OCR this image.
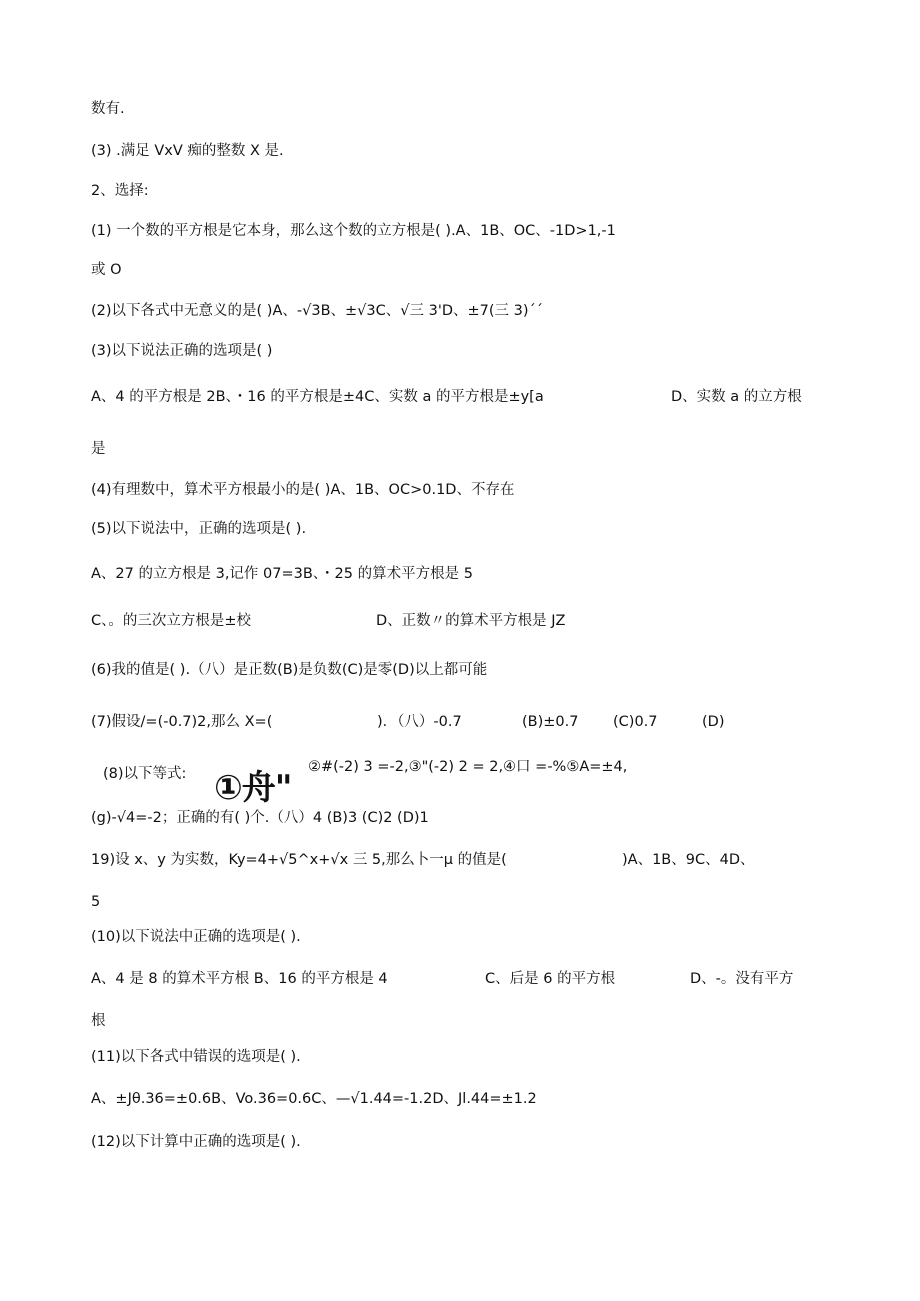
数有.
(3) .满足 VxV 痴的整数 X 是.
2、选择:
(1) 一个数的平方根是它本身，那么这个数的立方根是( ).A、1B、OC、-1D>1,-1
或 O
(2)以下各式中无意义的是( )A、-√3B、±√3C、√三 3'D、±7(三 3)´´
(3)以下说法正确的选项是( )
A、4 的平方根是 2B、・16 的平方根是±4C、实数 a 的平方根是±y[a	D、实数 a 的立方根
是
(4)有理数中，算术平方根最小的是( )A、1B、OC>0.1D、不存在
(5)以下说法中，正确的选项是( ).
A、27 的立方根是 3,记作 07=3B、・25 的算术平方根是 5
C、。的三次立方根是±校	D、正数〃的算术平方根是 JZ
(6)我的值是( ).（八）是正数(B)是负数(C)是零(D)以上都可能
(7)假设/=(-0.7)2,那么 X=(	)．（八）-0.7	(B)±0.7 (C)0.7	(D)
(8)以下等式: ①舟"
②#(-2) 3 =-2,③"(-2) 2 = 2,④口 =-%⑤A=±4,
(g)-√4=-2；正确的有( )个.（八）4 (B)3 (C)2 (D)1
19)设 x、y 为实数，Ky=4+√5^x+√x 三 5,那么卜一μ 的值是(	)A、1B、9C、4D、
5
(10)以下说法中正确的选项是( ).
A、4 是 8 的算术平方根 B、16 的平方根是 4	C、后是 6 的平方根	D、-。没有平方
根
(11)以下各式中错误的选项是( ).
A、±Jθ.36=±0.6B、Vo.36=0.6C、—√1.44=-1.2D、Jl.44=±1.2
(12)以下计算中正确的选项是( ).
